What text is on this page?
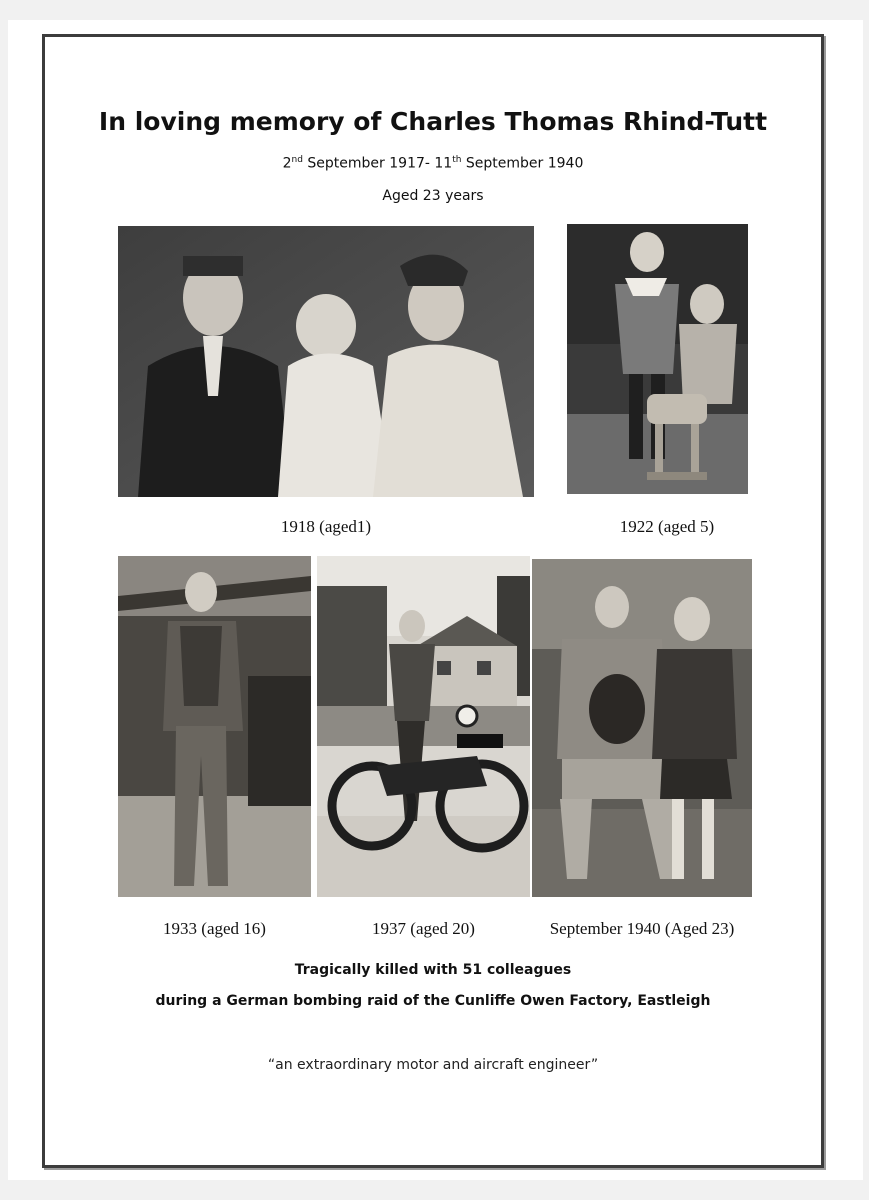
In loving memory of Charles Thomas Rhind-Tutt
2nd September 1917- 11th September 1940
Aged 23 years
1918 (aged1)	1922 (aged 5)
1933 (aged 16)	1937 (aged 20)	September 1940 (Aged 23)
Tragically killed with 51 colleagues
during a German bombing raid of the Cunliffe Owen Factory, Eastleigh
“an extraordinary motor and aircraft engineer”
